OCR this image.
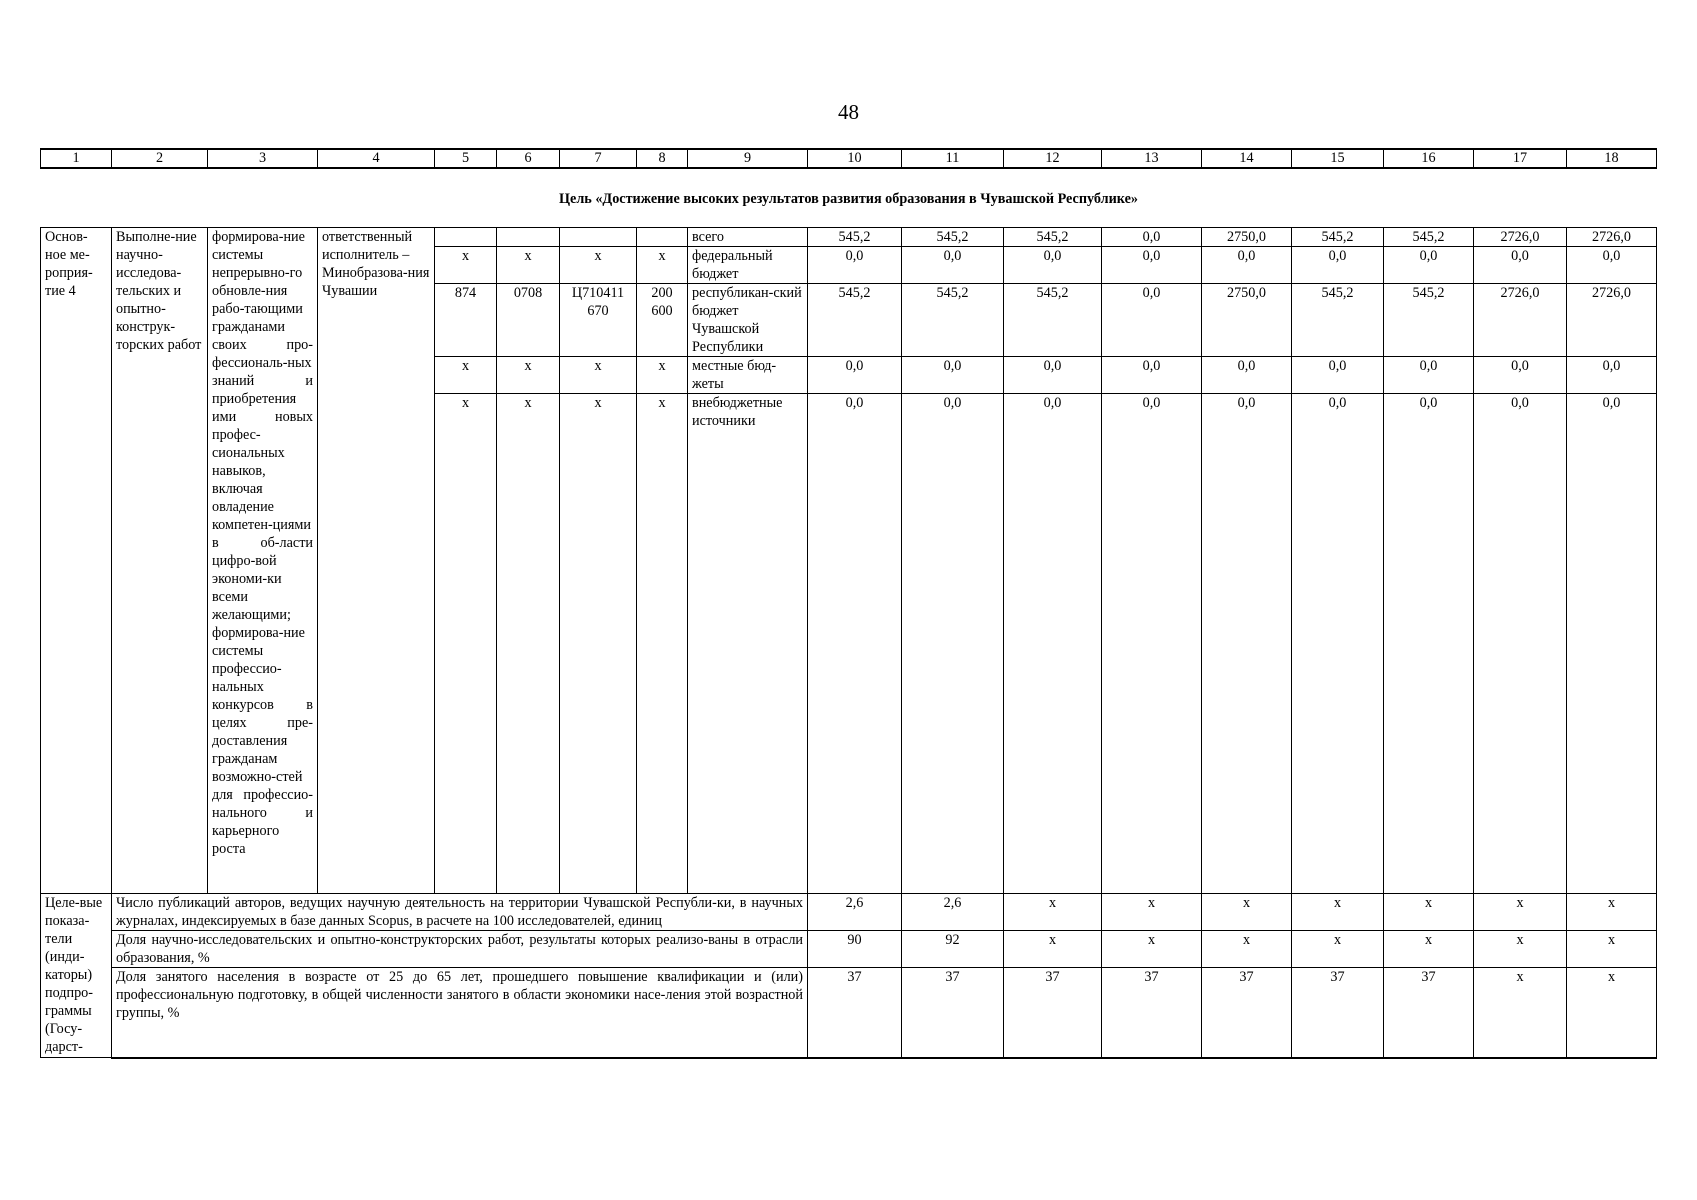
48
1	2	3	4	5	6	7	8	9	10	11	12	13	14	15	16	17	18
Цель «Достижение высоких результатов развития образования в Чувашской Республике»																	
Основ-ное ме-роприя-тие 4	Выполне-ние научно-исследова-тельских и опытно-конструк-торских работ	формирова-ние системы непрерывно-го обновле-ния рабо-тающими гражданами своих про-фессиональ-ных знаний и приобретения ими новых профес-сиональных навыков, включая овладение компетен-циями в об-ласти цифро-вой экономи-ки всеми желающими; формирова-ние системы профессио-нальных конкурсов в целях пре-доставления гражданам возможно-стей для профессио-нального и карьерного роста	ответственный исполнитель – Минобразова-ния Чувашии					всего	545,2	545,2	545,2	0,0	2750,0	545,2	545,2	2726,0	2726,0
				x	x	x	x	федеральный бюджет	0,0	0,0	0,0	0,0	0,0	0,0	0,0	0,0	0,0
				874	0708	Ц710411 670	200 600	республикан-ский бюджет Чувашской Республики	545,2	545,2	545,2	0,0	2750,0	545,2	545,2	2726,0	2726,0
				x	x	x	x	местные бюд-жеты	0,0	0,0	0,0	0,0	0,0	0,0	0,0	0,0	0,0
				x	x	x	x	внебюджетные источники	0,0	0,0	0,0	0,0	0,0	0,0	0,0	0,0	0,0
Целе-вые показа-тели (инди-каторы) подпро-граммы (Госу-дарст-	Число публикаций авторов, ведущих научную деятельность на территории Чувашской Республи-ки, в научных журналах, индексируемых в базе данных Scopus, в расчете на 100 исследователей, единиц								2,6	2,6	x	x	x	x	x	x	x
	Доля научно-исследовательских и опытно-конструкторских работ, результаты которых реализо-ваны в отрасли образования, %								90	92	x	x	x	x	x	x	x
	Доля занятого населения в возрасте от 25 до 65 лет, прошедшего повышение квалификации и (или) профессиональную подготовку, в общей численности занятого в области экономики насе-ления этой возрастной группы, %								37	37	37	37	37	37	37	x	x
